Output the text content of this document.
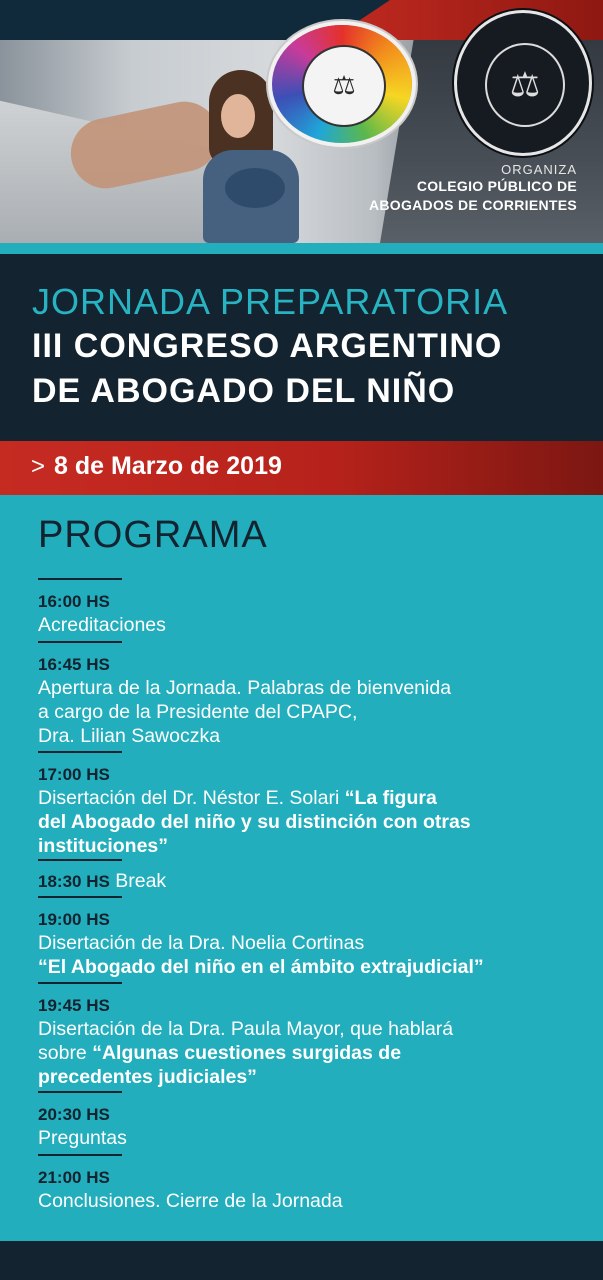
⚖	⚖
ORGANIZA
COLEGIO PÚBLICO DE
ABOGADOS DE CORRIENTES
JORNADA PREPARATORIA
III CONGRESO ARGENTINO
DE ABOGADO DEL NIÑO
> 8 de Marzo de 2019
PROGRAMA
16:00 HS
Acreditaciones
16:45 HS
Apertura de la Jornada. Palabras de bienvenida
a cargo de la Presidente del CPAPC,
Dra. Lilian Sawoczka
17:00 HS
Disertación del Dr. Néstor E. Solari “La figura
del Abogado del niño y su distinción con otras
instituciones”
18:30 HS Break
19:00 HS
Disertación de la Dra. Noelia Cortinas
“El Abogado del niño en el ámbito extrajudicial”
19:45 HS
Disertación de la Dra. Paula Mayor, que hablará
sobre “Algunas cuestiones surgidas de
precedentes judiciales”
20:30 HS
Preguntas
21:00 HS
Conclusiones. Cierre de la Jornada
